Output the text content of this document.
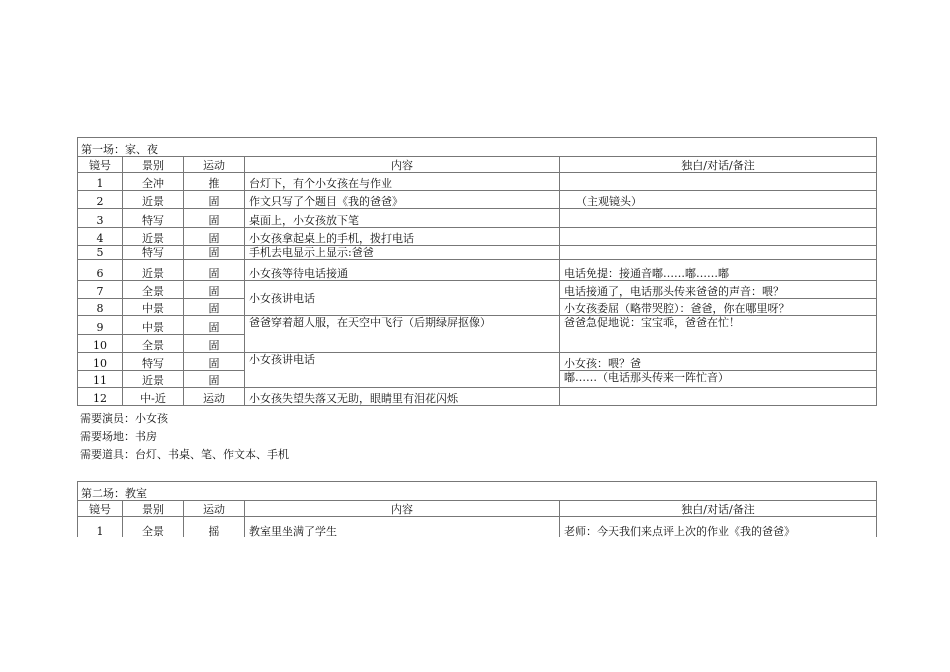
第一场：家、夜				
镜号	景别	运动	内容	独白/对话/备注
1	全冲	推	台灯下，有个小女孩在与作业	
2	近景	固	作文只写了个题目《我的爸爸》	（主观镜头）
3	特写	固	桌面上，小女孩放下笔	
4	近景	固	小女孩拿起桌上的手机，拨打电话	
5	特写	固	手机去电显示上显示:爸爸	
6	近景	固	小女孩等待电话接通	电话免提：接通音嘟……嘟……嘟
7	全景	固	小女孩讲电话	电话接通了，电话那头传来爸爸的声音：喂？
8	中景	固		小女孩委屈（略带哭腔）：爸爸，你在哪里呀？
9	中景	固	爸爸穿着超人服，在天空中飞行（后期绿屏抠像）	爸爸急促地说：宝宝乖，爸爸在忙！
10	全景	固		
10	特写	固	小女孩讲电话	小女孩：喂？爸
11	近景	固		嘟……（电话那头传来一阵忙音）
12	中-近	运动	小女孩失望失落又无助，眼睛里有泪花闪烁	
需要演员：小女孩
需要场地：书房
需要道具：台灯、书桌、笔、作文本、手机
第二场：教室				
镜号	景别	运动	内容	独白/对话/备注
1	全景	摇	教室里坐满了学生	老师：今天我们来点评上次的作业《我的爸爸》
